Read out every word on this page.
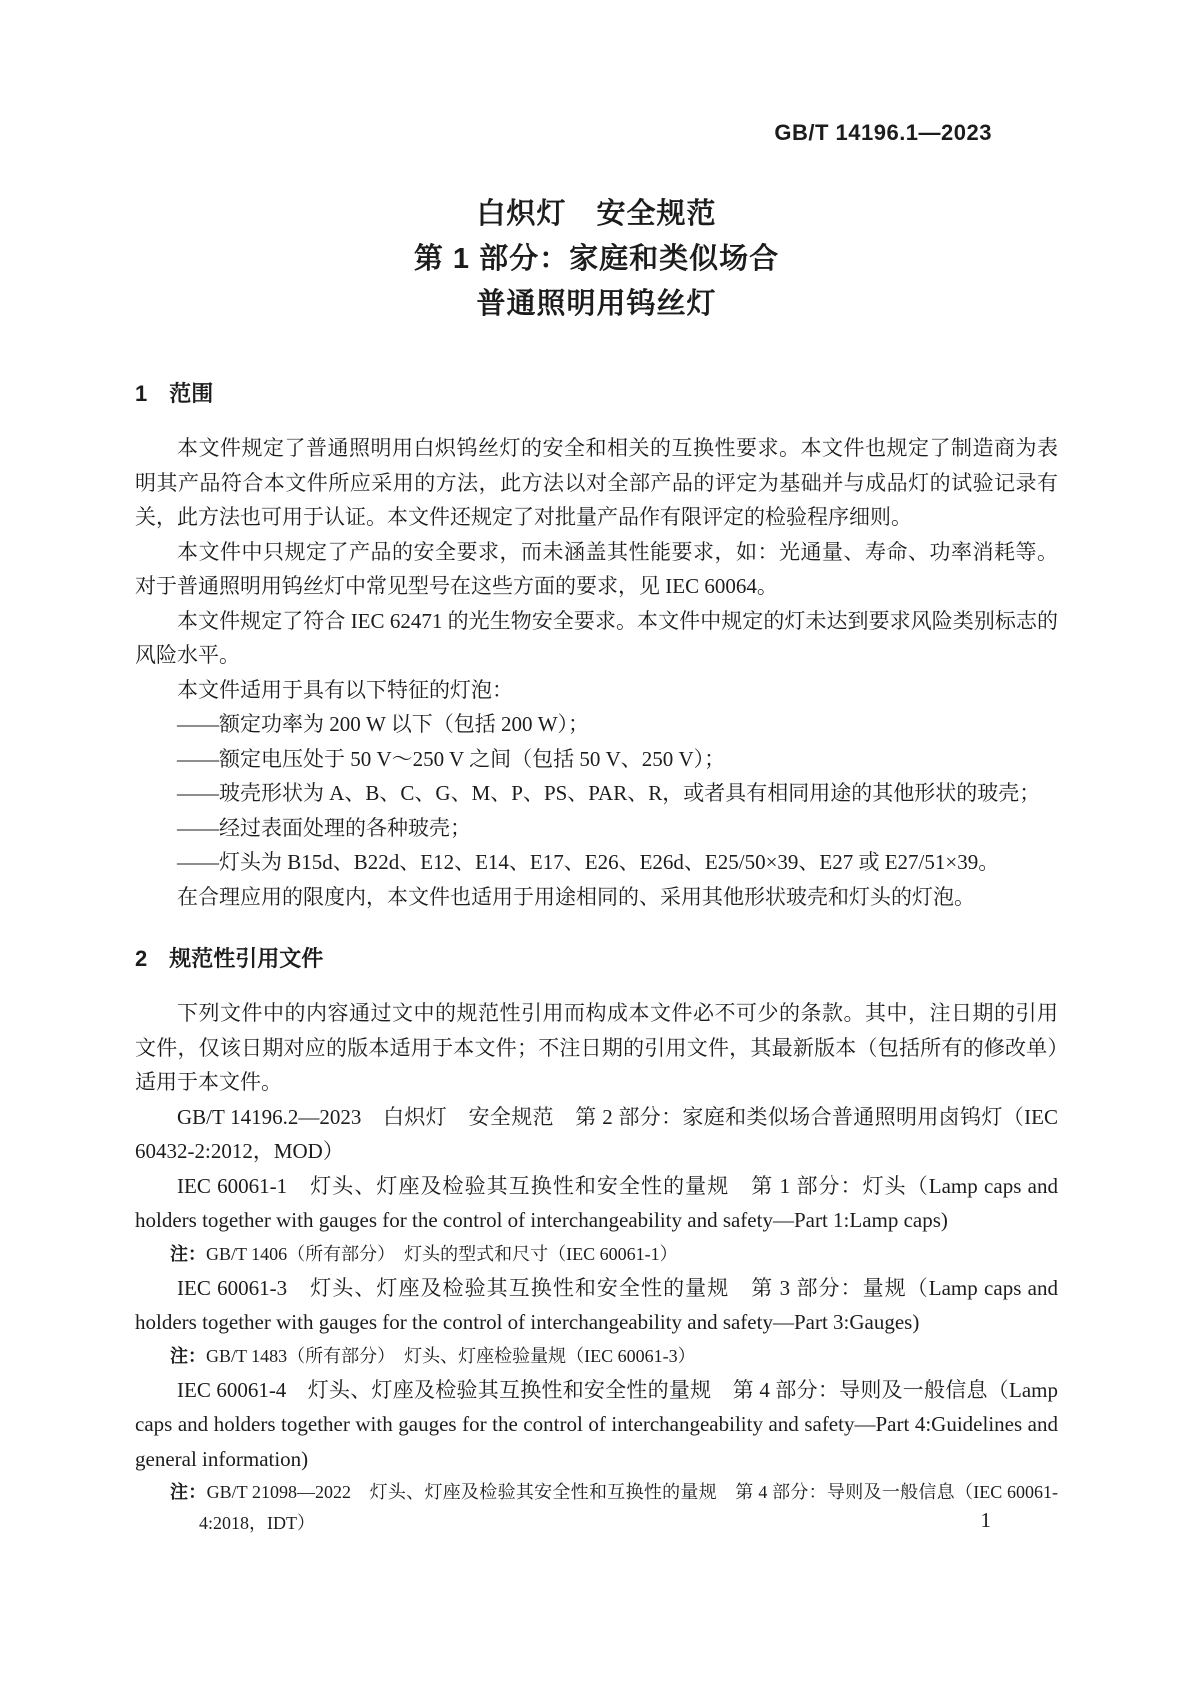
GB/T 14196.1—2023
白炽灯　安全规范
第 1 部分：家庭和类似场合
普通照明用钨丝灯
1　范围

本文件规定了普通照明用白炽钨丝灯的安全和相关的互换性要求。本文件也规定了制造商为表明其产品符合本文件所应采用的方法，此方法以对全部产品的评定为基础并与成品灯的试验记录有关，此方法也可用于认证。本文件还规定了对批量产品作有限评定的检验程序细则。

本文件中只规定了产品的安全要求，而未涵盖其性能要求，如：光通量、寿命、功率消耗等。对于普通照明用钨丝灯中常见型号在这些方面的要求，见 IEC 60064。

本文件规定了符合 IEC 62471 的光生物安全要求。本文件中规定的灯未达到要求风险类别标志的风险水平。

本文件适用于具有以下特征的灯泡：

——额定功率为 200 W 以下（包括 200 W）；

——额定电压处于 50 V～250 V 之间（包括 50 V、250 V）；

——玻壳形状为 A、B、C、G、M、P、PS、PAR、R，或者具有相同用途的其他形状的玻壳；

——经过表面处理的各种玻壳；

——灯头为 B15d、B22d、E12、E14、E17、E26、E26d、E25/50×39、E27 或 E27/51×39。

在合理应用的限度内，本文件也适用于用途相同的、采用其他形状玻壳和灯头的灯泡。

2　规范性引用文件

下列文件中的内容通过文中的规范性引用而构成本文件必不可少的条款。其中，注日期的引用文件，仅该日期对应的版本适用于本文件；不注日期的引用文件，其最新版本（包括所有的修改单）适用于本文件。

GB/T 14196.2—2023　白炽灯　安全规范　第 2 部分：家庭和类似场合普通照明用卤钨灯（IEC 60432-2:2012，MOD）

IEC 60061-1　灯头、灯座及检验其互换性和安全性的量规　第 1 部分：灯头（Lamp caps and holders together with gauges for the control of interchangeability and safety—Part 1:Lamp caps)

注：GB/T 1406（所有部分）　灯头的型式和尺寸（IEC 60061-1）

IEC 60061-3　灯头、灯座及检验其互换性和安全性的量规　第 3 部分：量规（Lamp caps and holders together with gauges for the control of interchangeability and safety—Part 3:Gauges)

注：GB/T 1483（所有部分）　灯头、灯座检验量规（IEC 60061-3）

IEC 60061-4　灯头、灯座及检验其互换性和安全性的量规　第 4 部分：导则及一般信息（Lamp caps and holders together with gauges for the control of interchangeability and safety—Part 4:Guidelines and general information)

注：GB/T 21098—2022　灯头、灯座及检验其安全性和互换性的量规　第 4 部分：导则及一般信息（IEC 60061-4:2018，IDT）	1
